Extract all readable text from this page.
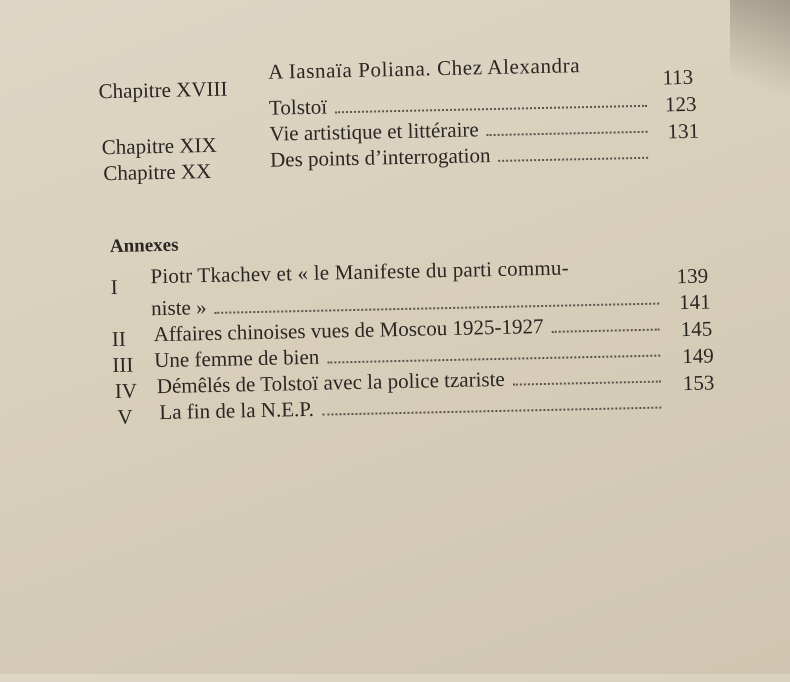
Chapitre XVIII
A Iasnaïa Poliana. Chez Alexandra
Tolstoï
113
Chapitre XIX
Vie artistique et littéraire
123
Chapitre XX
Des points d’interrogation
131
Annexes
I Piotr Tkachev et « le Manifeste du parti commu-
niste »
139
II Affaires chinoises vues de Moscou 1925-1927
141
III Une femme de bien
145
IV Démêlés de Tolstoï avec la police tzariste
149
V La fin de la N.E.P.
153
